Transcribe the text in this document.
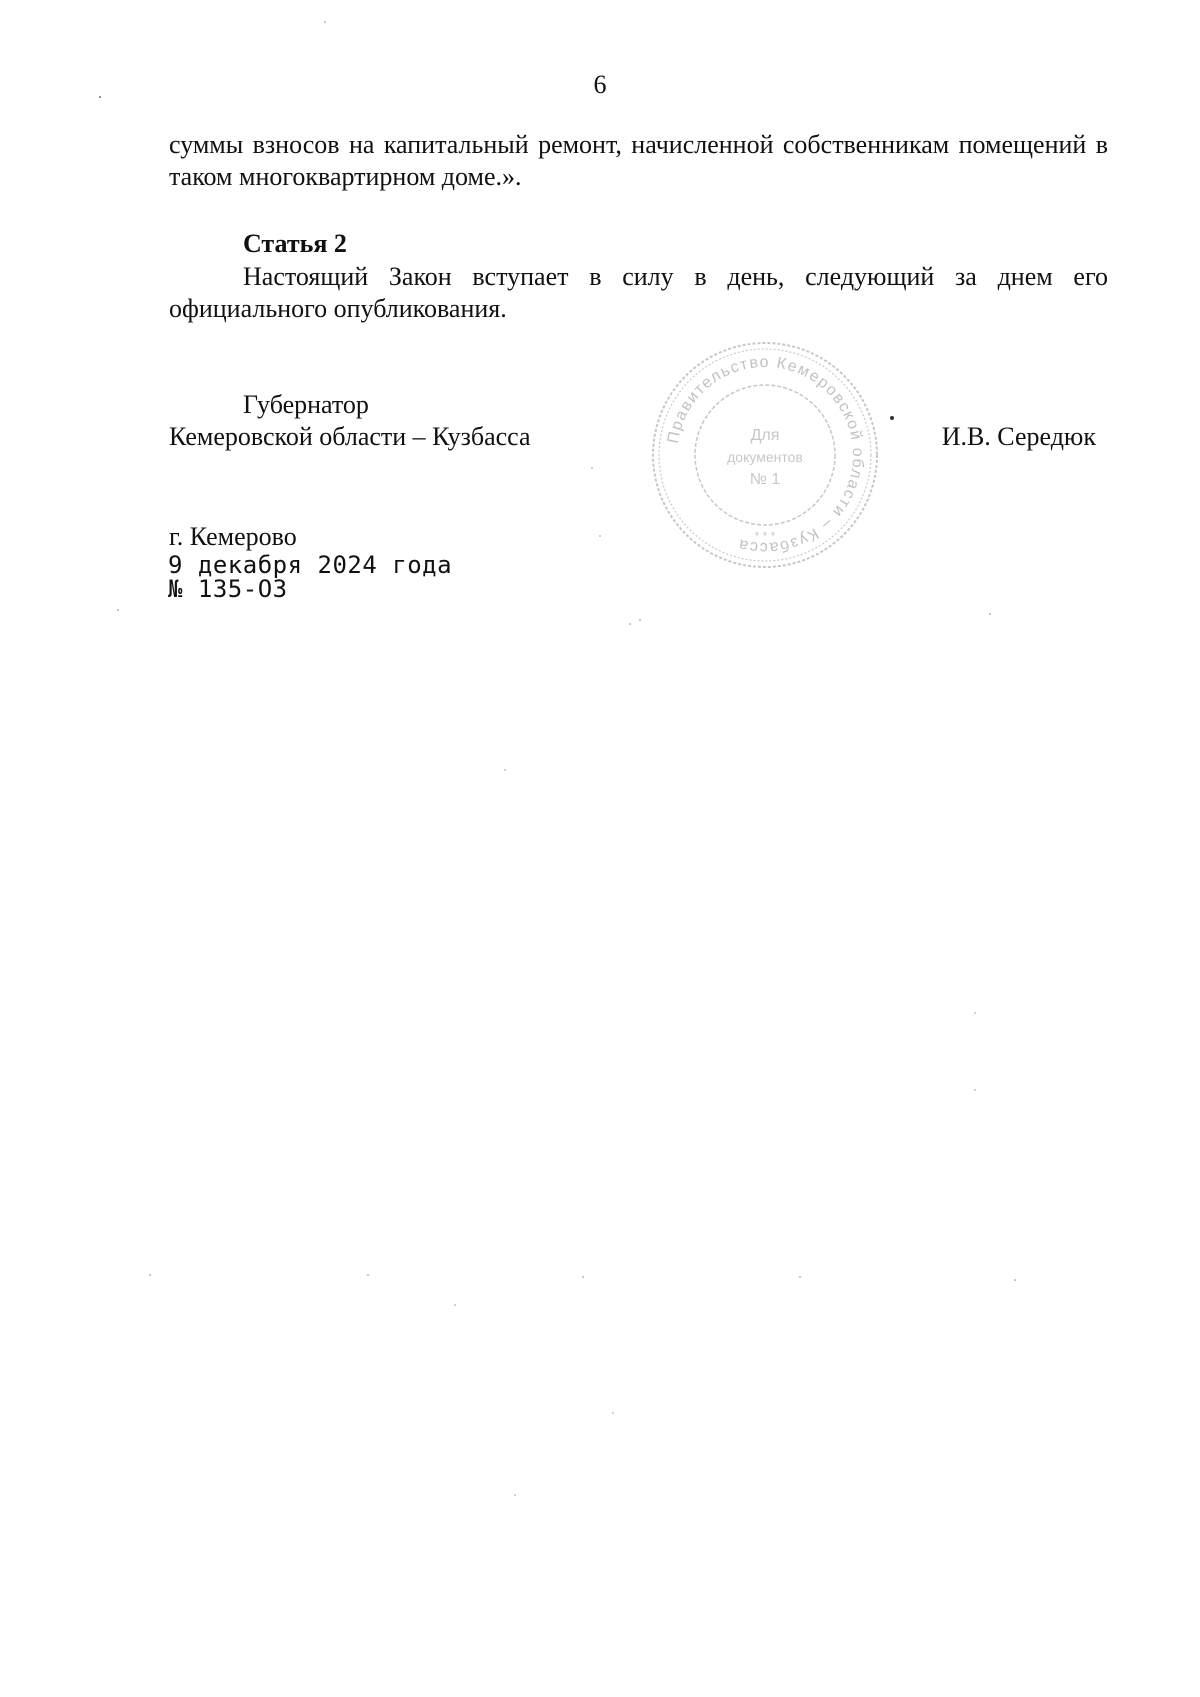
6
суммы взносов на капитальный ремонт, начисленной собственникам помещений в таком многоквартирном доме.».
Статья 2
Настоящий Закон вступает в силу в день, следующий за днем его официального опубликования.
Губернатор
Кемеровской области – Кузбасса	И.В. Середюк
Правительство Кемеровской области – Кузбасса
Для
документов
№ 1
* * *
г. Кемерово
9 декабря 2024 года
№ 135-ОЗ
